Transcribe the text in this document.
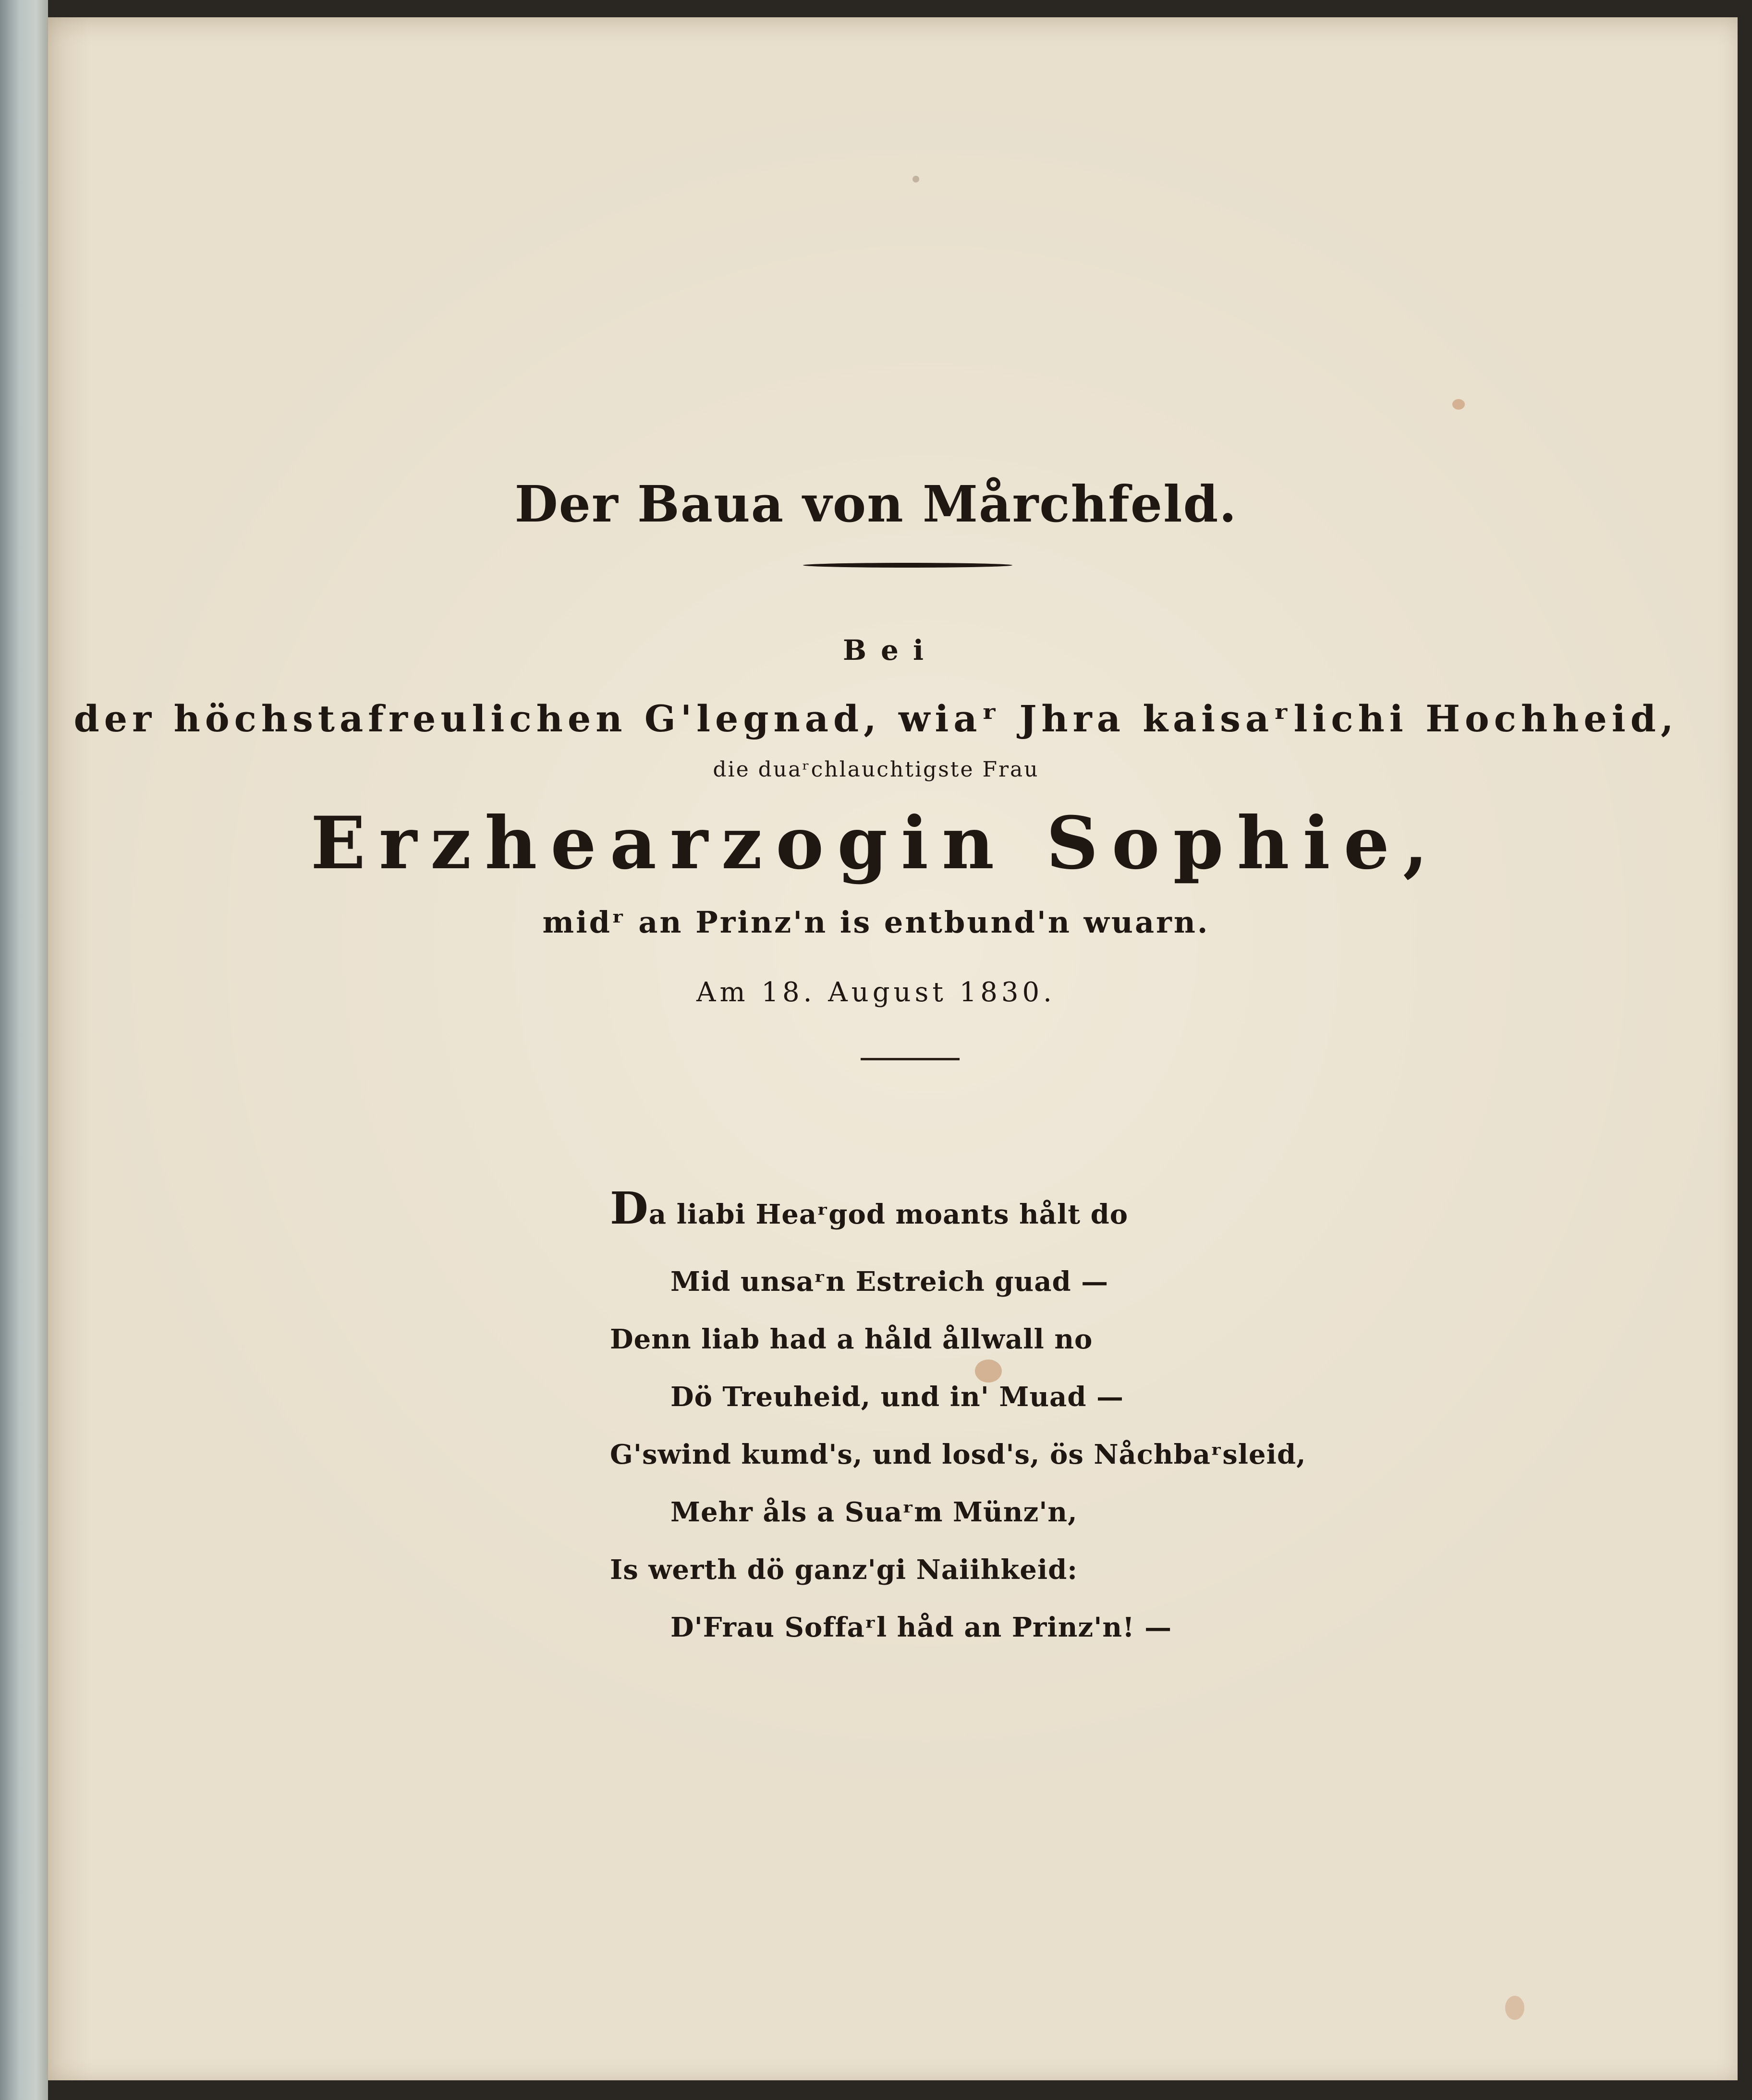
Der Baua von Mårchfeld.
Bei
der höchstafreulichen G'legnad, wiaʳ Jhra kaisaʳlichi Hochheid,
die duaʳchlauchtigste Frau
Erzhearzogin Sophie,
midʳ an Prinz'n is entbund'n wuarn.
Am 18. August 1830.
Da liabi Heaʳgod moants hålt do
Mid unsaʳn Estreich guad —
Denn liab had a håld ållwall no
Dö Treuheid, und in' Muad —
G'swind kumd's, und losd's, ös Nåchbaʳsleid,
Mehr åls a Suaʳm Münz'n,
Is werth dö ganz'gi Naiihkeid:
D'Frau Soffaʳl håd an Prinz'n! —
